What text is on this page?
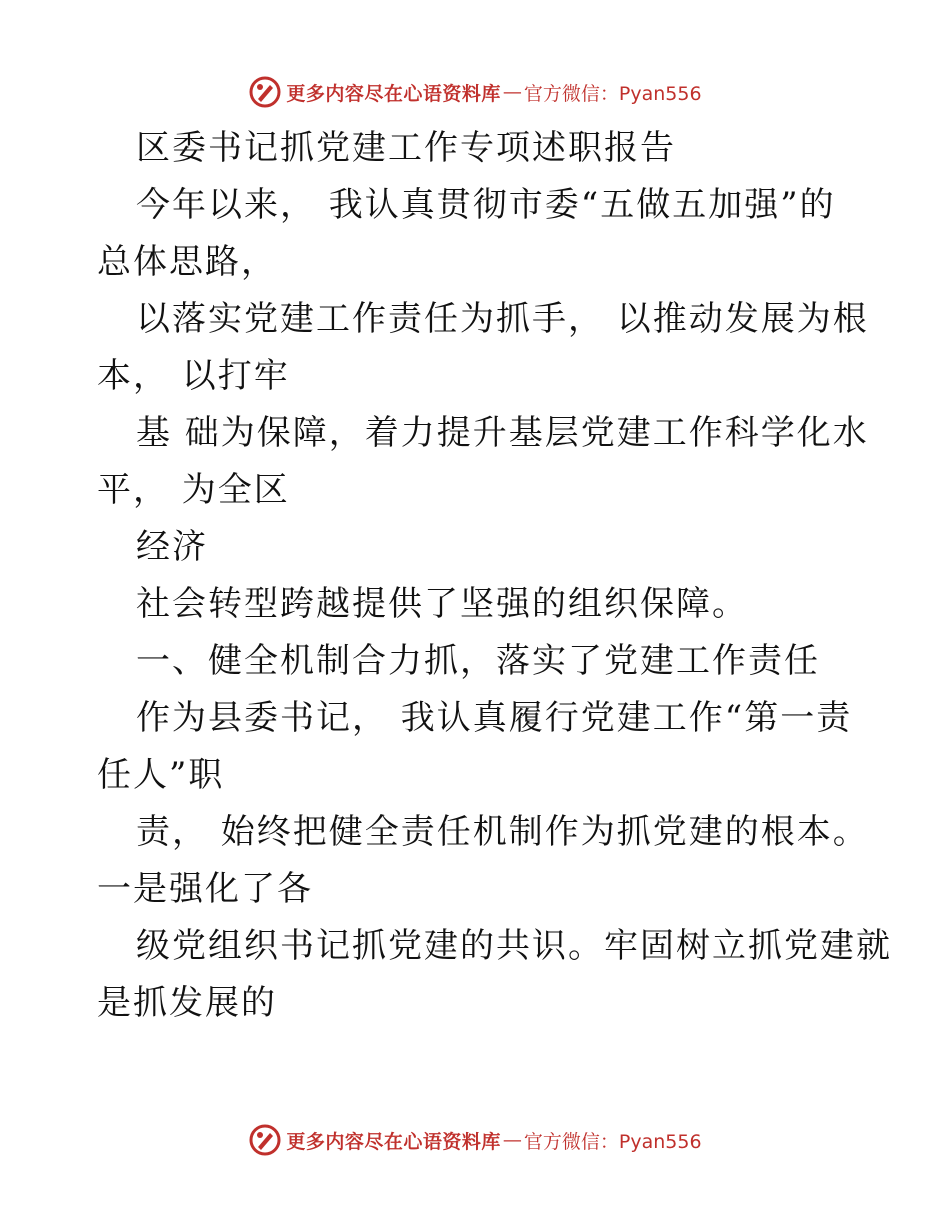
更多内容尽在心语资料库 — 官方微信：Pyan556
区委书记抓党建工作专项述职报告
今年以来， 我认真贯彻市委“五做五加强”的
总体思路，
以落实党建工作责任为抓手， 以推动发展为根
本， 以打牢
基 础为保障，着力提升基层党建工作科学化水
平， 为全区
经济
社会转型跨越提供了坚强的组织保障。
一、健全机制合力抓，落实了党建工作责任
作为县委书记， 我认真履行党建工作“第一责
任人”职
责， 始终把健全责任机制作为抓党建的根本。
一是强化了各
级党组织书记抓党建的共识。牢固树立抓党建就
是抓发展的
更多内容尽在心语资料库 — 官方微信：Pyan556
